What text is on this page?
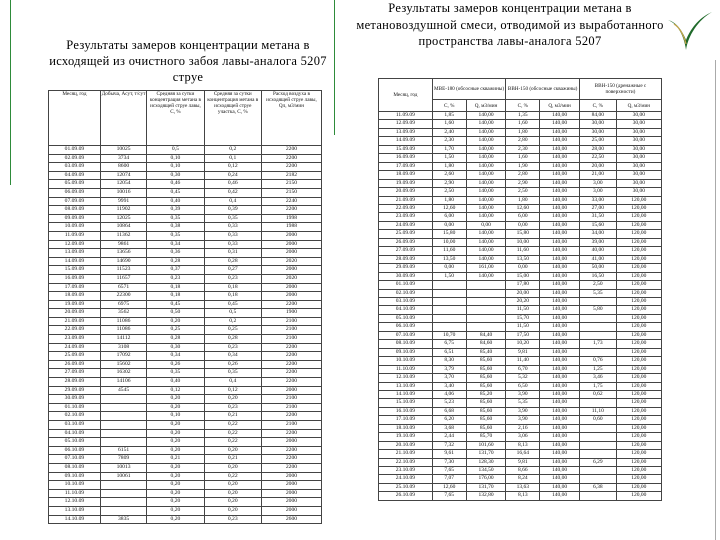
Результаты замеров концентрации метана в исходящей из очистного забоя лавы-аналога 5207 струе
Результаты замеров концентрации метана в метановоздушной смеси, отводимой из выработанного пространства лавы-аналога 5207
Месяц, год	Добыча, Aсут, т/сут	Средняя за сутки концентрация метана в исходящей струе лавы, C, %	Средняя за сутки концентрация метана в исходящей струе участка, C, %	Расход воздуха в исходящей струе лавы, Qл, м3/мин
01.09.09	10025	0,5	0,2	2200
02.09.09	3734	0,10	0,1	2200
03.09.09	8600	0,10	0,12	2200
04.09.09	12074	0,30	0,24	2182
05.09.09	12054	0,46	0,46	2150
06.09.09	10016	0,45	0,42	2150
07.09.09	9991	0,40	0,4	2240
08.09.09	11902	0,39	0,39	2200
09.09.09	12025	0,35	0,35	1998
10.09.09	10864	0,38	0,33	1988
11.09.09	11362	0,35	0,33	2000
12.09.09	9861	0,34	0,33	2000
13.09.09	13656	0,36	0,31	2000
14.09.09	14690	0,28	0,28	2020
15.09.09	11523	0,37	0,27	2000
16.09.09	11657	0,23	0,23	2020
17.09.09	6571	0,18	0,18	2000
18.09.09	22300	0,18	0,18	2000
19.09.09	6975	0,45	0,45	2200
20.09.09	3562	0,50	0,5	1900
21.09.09	11086	0,20	0,2	2100
22.09.09	11086	0,25	0,25	2100
23.09.09	14112	0,28	0,28	2100
24.09.09	3108	0,30	0,23	2200
25.09.09	17092	0,34	0,34	2200
26.09.09	15602	0,26	0,26	2200
27.09.09	16302	0,35	0,35	2200
28.09.09	14106	0,40	0,4	2200
29.09.09	4545	0,12	0,12	2000
30.09.09		0,20	0,20	2100
01.10.09		0,20	0,23	2100
02.10.09		0,10	0,21	2200
03.10.09		0,20	0,22	2100
04.10.09		0,20	0,22	2200
05.10.09		0,20	0,22	2000
06.10.09	6151	0,20	0,20	2200
07.10.09	7809	0,21	0,21	2200
08.10.09	10013	0,20	0,20	2200
09.10.09	10061	0,20	0,22	2000
10.10.09		0,20	0,20	2000
11.10.09		0,20	0,20	2000
12.10.09		0,20	0,20	2000
13.10.09		0,20	0,20	2000
14.10.09	3835	0,20	0,23	2600
Месяц, год	МВЕ-180 (обсосные скважины)		ВВН-150 (обсосные скважины)		ВВН-150 (дренажные с поверхности)	
	C, %	Q, м3/мин	C, %	Q, м3/мин	C, %	Q, м3/мин
11.09.09	1,85	140,00	1,35	140,00	84,00	30,00
12.09.09	1,60	140,00	1,60	140,00	30,00	30,00
13.09.09	2,40	140,00	1,80	140,00	30,00	30,00
14.09.09	2,30	140,00	2,80	140,00	25,00	30,00
15.09.09	1,70	140,00	2,30	140,00	28,00	30,00
16.09.09	1,50	140,00	1,60	140,00	22,50	30,00
17.09.09	1,80	140,00	1,90	140,00	20,00	30,00
18.09.09	2,60	140,00	2,80	140,00	21,00	30,00
19.09.09	2,90	140,00	2,90	140,00	3,00	30,00
20.09.09	2,50	140,00	2,50	140,00	3,00	30,00
21.09.09	1,80	140,00	1,80	140,00	33,00	120,00
22.09.09	12,60	140,00	12,60	140,00	27,00	120,00
23.09.09	6,00	140,00	6,00	140,00	31,50	120,00
24.09.09	0,00	0,00	0,00	140,00	15,60	120,00
25.09.09	15,80	140,00	15,80	140,00	34,00	120,00
26.09.09	10,00	140,00	10,00	140,00	39,00	120,00
27.09.09	11,60	140,00	11,60	140,00	40,00	120,00
28.09.09	13,50	140,00	13,50	140,00	41,00	120,00
29.09.09	0,00	161,00	0,00	140,00	50,00	120,00
30.09.09	1,50	140,00	15,00	140,00	16,50	120,00
01.10.09			17,80	140,00	2,50	120,00
02.10.09			20,00	140,00	5,35	120,00
03.10.09			20,20	140,00		120,00
04.10.09			11,50	140,00	5,80	120,00
05.10.09			15,70	140,00		120,00
06.10.09			11,50	140,00		120,00
07.10.09	10,70	84,40	17,50	140,00		120,00
08.10.09	6,75	84,60	10,20	140,00	1,73	120,00
09.10.09	6,51	85,40	9,81	140,00		120,00
10.10.09	8,30	85,60	11,40	140,00	0,76	120,00
11.10.09	3,79	85,60	6,70	140,00	1,25	120,00
12.10.09	3,70	85,60	5,32	140,00	3,46	120,00
13.10.09	3,40	85,60	6,50	140,00	1,75	120,00
14.10.09	4,06	85,20	3,90	140,00	0,62	120,00
15.10.09	5,23	85,60	5,35	140,00		120,00
16.10.09	6,68	85,60	3,90	140,00	11,10	120,00
17.10.09	6,20	85,60	3,90	140,00	0,60	120,00
18.10.09	3,68	85,60	2,16	140,00		120,00
19.10.09	2,44	85,70	3,06	140,00		120,00
20.10.09	7,32	101,60	8,13	140,00		120,00
21.10.09	9,61	131,70	16,64	140,00		120,00
22.10.09	7,30	128,30	9,81	140,00	6,29	120,00
23.10.09	7,65	134,50	8,66	140,00		120,00
24.10.09	7,07	176,00	8,24	140,00		120,00
25.10.09	12,60	131,70	13,63	140,00	6,38	120,00
26.10.09	7,65	132,80	8,13	140,00		120,00
